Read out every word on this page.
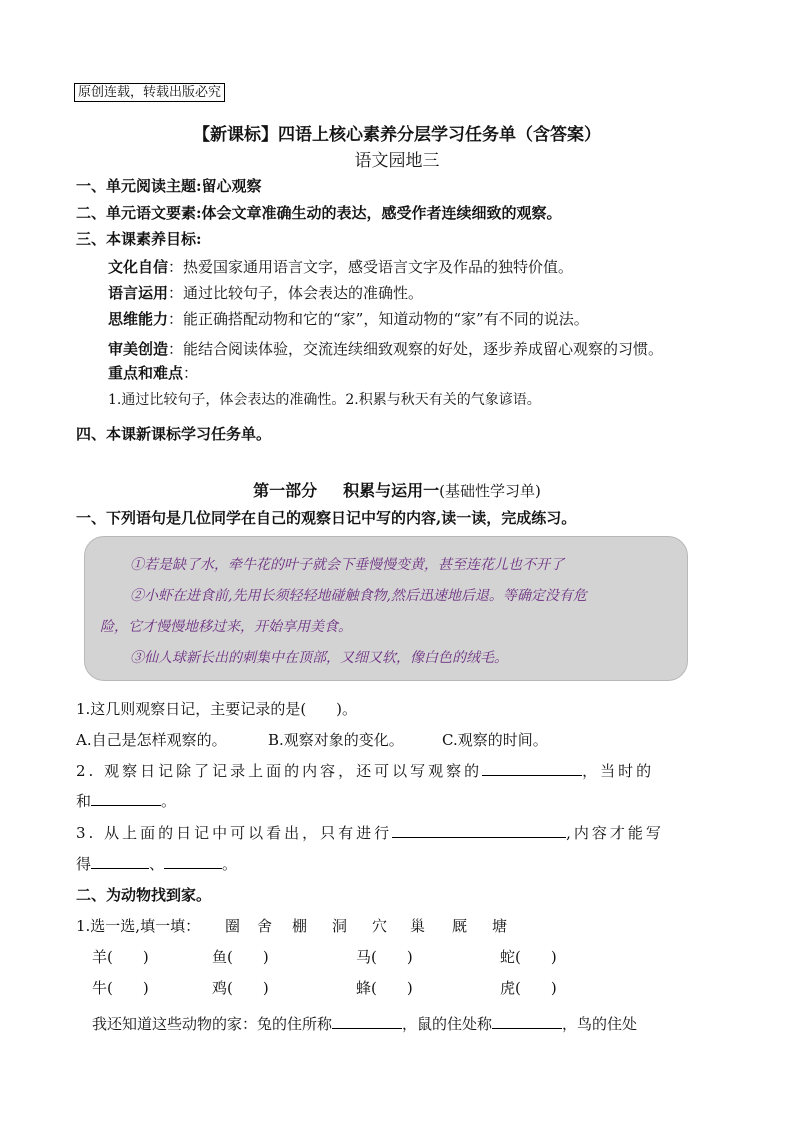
原创连载，转载出版必究
【新课标】四语上核心素养分层学习任务单（含答案）
语文园地三
一、单元阅读主题:留心观察
二、单元语文要素:体会文章准确生动的表达，感受作者连续细致的观察。
三、本课素养目标:
文化自信：热爱国家通用语言文字，感受语言文字及作品的独特价值。
语言运用：通过比较句子，体会表达的准确性。
思维能力：能正确搭配动物和它的“家”，知道动物的“家”有不同的说法。
审美创造：能结合阅读体验，交流连续细致观察的好处，逐步养成留心观察的习惯。
重点和难点：
1.通过比较句子，体会表达的准确性。2.积累与秋天有关的气象谚语。
四、本课新课标学习任务单。
第一部分 积累与运用一(基础性学习单)
一、下列语句是几位同学在自己的观察日记中写的内容,读一读，完成练习。
①若是缺了水，牵牛花的叶子就会下垂慢慢变黄，甚至连花儿也不开了
②小虾在进食前,先用长须轻轻地碰触食物,然后迅速地后退。等确定没有危
险，它才慢慢地移过来，开始享用美食。
③仙人球新长出的刺集中在顶部，又细又软，像白色的绒毛。
1.这几则观察日记，主要记录的是(　　)。
A.自己是怎样观察的。	B.观察对象的变化。	C.观察的时间。
2. 观察日记除了记录上面的内容，还可以写观察的	，当时的
和	。
3. 从上面的日记中可以看出，只有进行	,内容才能写
得	、	。
二、为动物找到家。
1.选一选,填一填： 圈 舍 棚 洞 穴 巢 厩 塘
羊(　　)	鱼(　　)	马(　　)	蛇(　　)
牛(　　)	鸡(　　)	蜂(　　)	虎(　　)
我还知道这些动物的家：兔的住所称	，鼠的住处称	，鸟的住处
